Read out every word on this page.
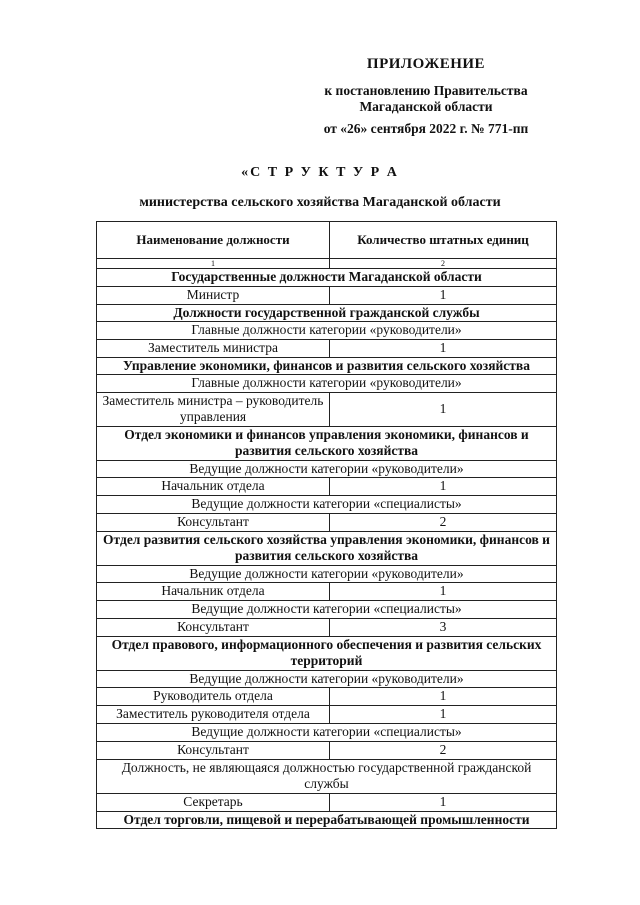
ПРИЛОЖЕНИЕ
к постановлению Правительства
Магаданской области
от «26» сентября 2022 г. № 771-пп
«С Т Р У К Т У Р А
министерства сельского хозяйства Магаданской области
Наименование должности	Количество штатных единиц
1	2
Государственные должности Магаданской области	
Министр	1
Должности государственной гражданской службы	
Главные должности категории «руководители»	
Заместитель министра	1
Управление экономики, финансов и развития сельского хозяйства	
Главные должности категории «руководители»	
Заместитель министра – руководитель управления	1
Отдел экономики и финансов управления экономики, финансов и развития сельского хозяйства	
Ведущие должности категории «руководители»	
Начальник отдела	1
Ведущие должности категории «специалисты»	
Консультант	2
Отдел развития сельского хозяйства управления экономики, финансов и развития сельского хозяйства	
Ведущие должности категории «руководители»	
Начальник отдела	1
Ведущие должности категории «специалисты»	
Консультант	3
Отдел правового, информационного обеспечения и развития сельских территорий	
Ведущие должности категории «руководители»	
Руководитель отдела	1
Заместитель руководителя отдела	1
Ведущие должности категории «специалисты»	
Консультант	2
Должность, не являющаяся должностью государственной гражданской службы	
Секретарь	1
Отдел торговли, пищевой и перерабатывающей промышленности	
